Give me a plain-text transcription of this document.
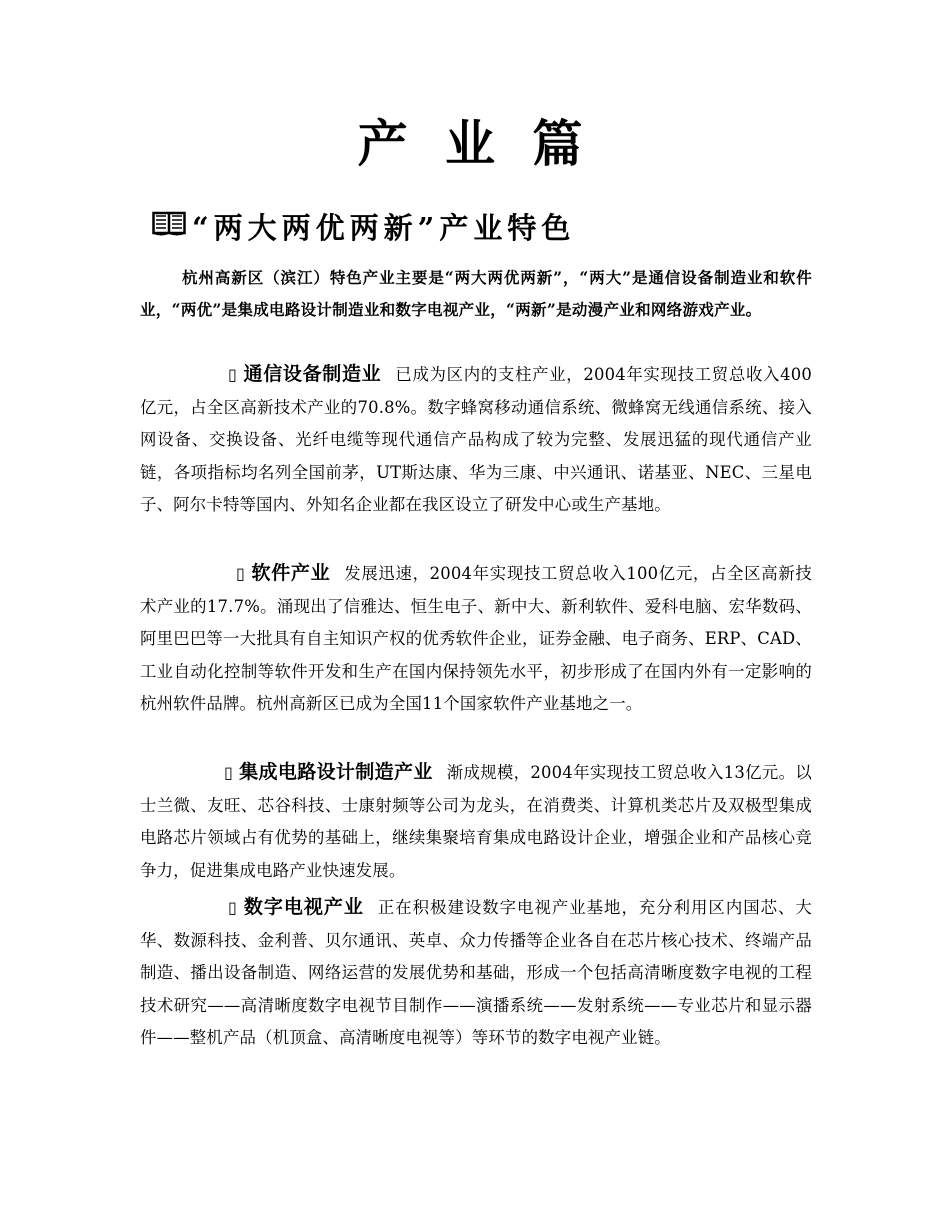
产 业 篇
“两大两优两新”产业特色

杭州高新区（滨江）特色产业主要是“两大两优两新”，“两大”是通信设备制造业和软件业，“两优”是集成电路设计制造业和数字电视产业，“两新”是动漫产业和网络游戏产业。

▯ 通信设备制造业 已成为区内的支柱产业，2004年实现技工贸总收入400亿元，占全区高新技术产业的70.8%。数字蜂窝移动通信系统、微蜂窝无线通信系统、接入网设备、交换设备、光纤电缆等现代通信产品构成了较为完整、发展迅猛的现代通信产业链，各项指标均名列全国前茅，UT斯达康、华为三康、中兴通讯、诺基亚、NEC、三星电子、阿尔卡特等国内、外知名企业都在我区设立了研发中心或生产基地。

▯ 软件产业 发展迅速，2004年实现技工贸总收入100亿元，占全区高新技术产业的17.7%。涌现出了信雅达、恒生电子、新中大、新利软件、爱科电脑、宏华数码、阿里巴巴等一大批具有自主知识产权的优秀软件企业，证券金融、电子商务、ERP、CAD、工业自动化控制等软件开发和生产在国内保持领先水平，初步形成了在国内外有一定影响的杭州软件品牌。杭州高新区已成为全国11个国家软件产业基地之一。

▯ 集成电路设计制造产业 渐成规模，2004年实现技工贸总收入13亿元。以士兰微、友旺、芯谷科技、士康射频等公司为龙头，在消费类、计算机类芯片及双极型集成电路芯片领域占有优势的基础上，继续集聚培育集成电路设计企业，增强企业和产品核心竞争力，促进集成电路产业快速发展。

▯ 数字电视产业 正在积极建设数字电视产业基地，充分利用区内国芯、大华、数源科技、金利普、贝尔通讯、英卓、众力传播等企业各自在芯片核心技术、终端产品制造、播出设备制造、网络运营的发展优势和基础，形成一个包括高清晰度数字电视的工程技术研究——高清晰度数字电视节目制作——演播系统——发射系统——专业芯片和显示器件——整机产品（机顶盒、高清晰度电视等）等环节的数字电视产业链。
